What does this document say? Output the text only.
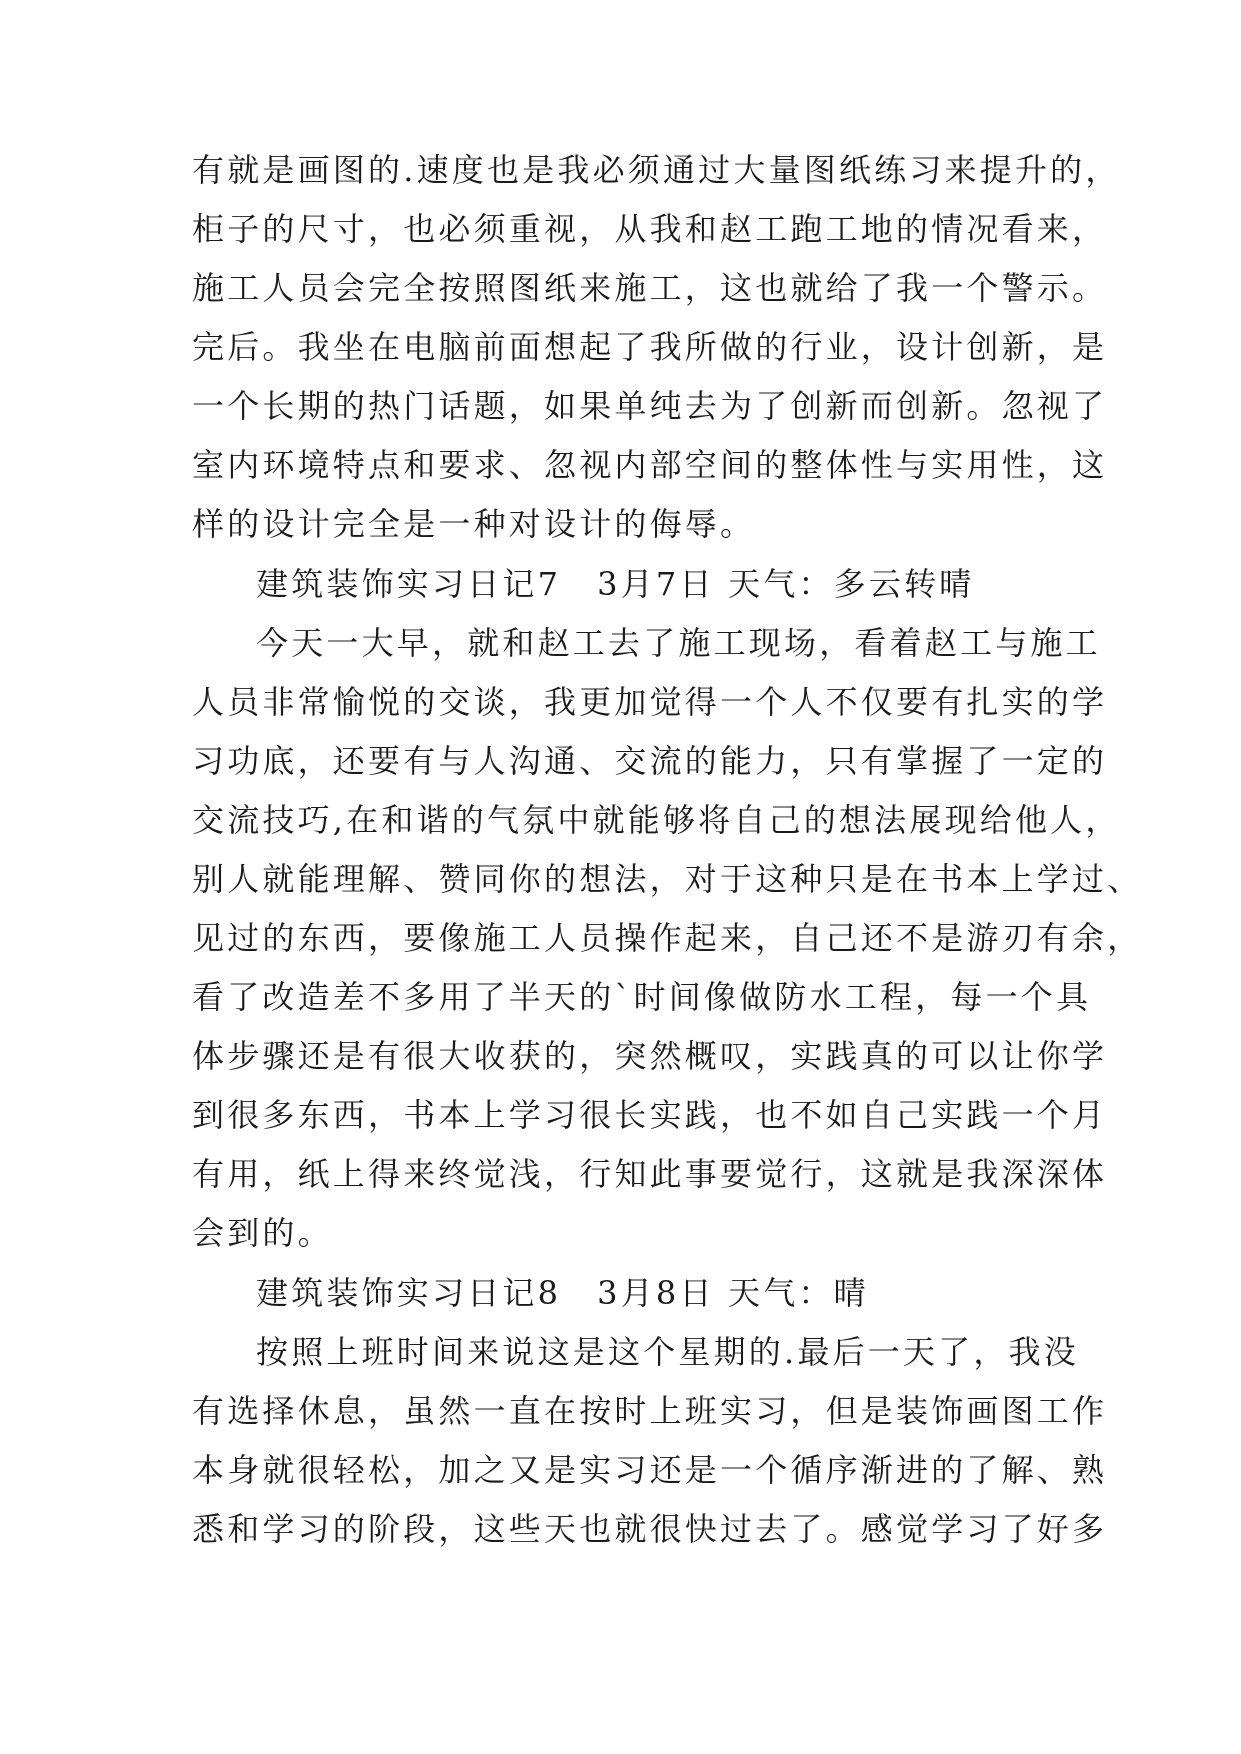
有就是画图的.速度也是我必须通过大量图纸练习来提升的，
柜子的尺寸，也必须重视，从我和赵工跑工地的情况看来，
施工人员会完全按照图纸来施工，这也就给了我一个警示。
完后。我坐在电脑前面想起了我所做的行业，设计创新，是
一个长期的热门话题，如果单纯去为了创新而创新。忽视了
室内环境特点和要求、忽视内部空间的整体性与实用性，这
样的设计完全是一种对设计的侮辱。
建筑装饰实习日记7 3月7日 天气：多云转晴
今天一大早，就和赵工去了施工现场，看着赵工与施工
人员非常愉悦的交谈，我更加觉得一个人不仅要有扎实的学
习功底，还要有与人沟通、交流的能力，只有掌握了一定的
交流技巧,在和谐的气氛中就能够将自己的想法展现给他人，
别人就能理解、赞同你的想法，对于这种只是在书本上学过、
见过的东西，要像施工人员操作起来，自己还不是游刃有余，
看了改造差不多用了半天的`时间像做防水工程，每一个具
体步骤还是有很大收获的，突然概叹，实践真的可以让你学
到很多东西，书本上学习很长实践，也不如自己实践一个月
有用，纸上得来终觉浅，行知此事要觉行，这就是我深深体
会到的。
建筑装饰实习日记8 3月8日 天气：晴
按照上班时间来说这是这个星期的.最后一天了，我没
有选择休息，虽然一直在按时上班实习，但是装饰画图工作
本身就很轻松，加之又是实习还是一个循序渐进的了解、熟
悉和学习的阶段，这些天也就很快过去了。感觉学习了好多
